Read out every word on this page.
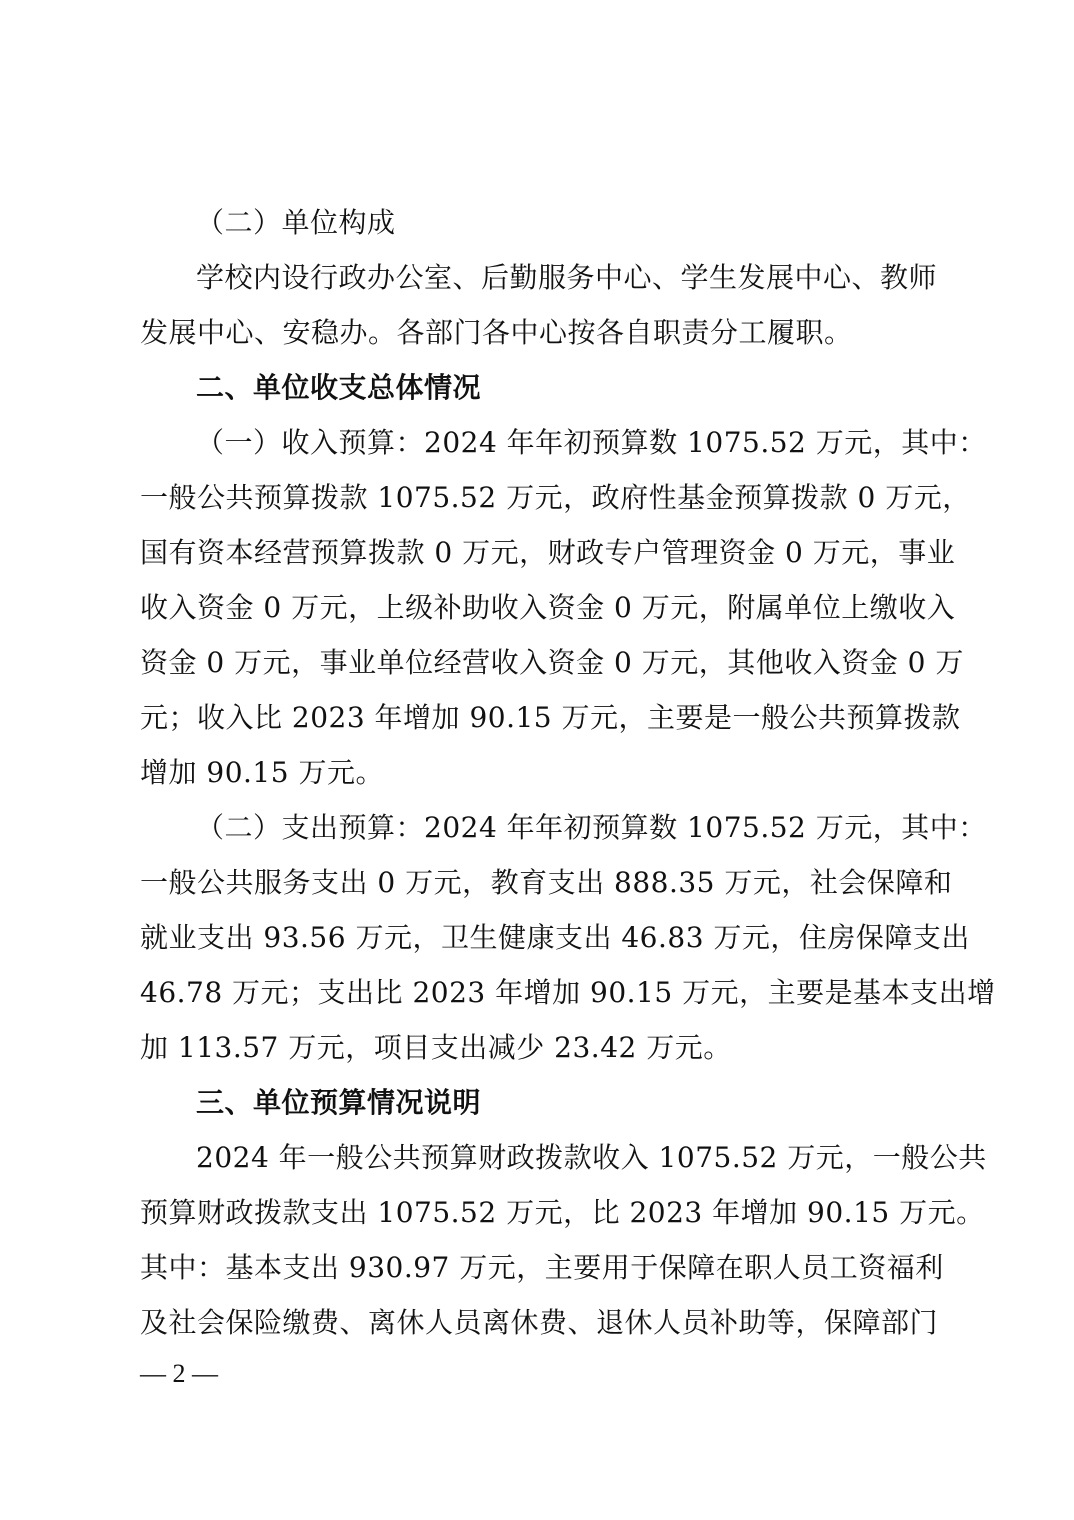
（二）单位构成
学校内设行政办公室、后勤服务中心、学生发展中心、教师
发展中心、安稳办。各部门各中心按各自职责分工履职。
二、单位收支总体情况
（一）收入预算：2024 年年初预算数 1075.52 万元，其中：
一般公共预算拨款 1075.52 万元，政府性基金预算拨款 0 万元，
国有资本经营预算拨款 0 万元，财政专户管理资金 0 万元，事业
收入资金 0 万元，上级补助收入资金 0 万元，附属单位上缴收入
资金 0 万元，事业单位经营收入资金 0 万元，其他收入资金 0 万
元；收入比 2023 年增加 90.15 万元，主要是一般公共预算拨款
增加 90.15 万元。
（二）支出预算：2024 年年初预算数 1075.52 万元，其中：
一般公共服务支出 0 万元，教育支出 888.35 万元，社会保障和
就业支出 93.56 万元，卫生健康支出 46.83 万元，住房保障支出
46.78 万元；支出比 2023 年增加 90.15 万元，主要是基本支出增
加 113.57 万元，项目支出减少 23.42 万元。
三、单位预算情况说明
2024 年一般公共预算财政拨款收入 1075.52 万元，一般公共
预算财政拨款支出 1075.52 万元，比 2023 年增加 90.15 万元。
其中：基本支出 930.97 万元，主要用于保障在职人员工资福利
及社会保险缴费、离休人员离休费、退休人员补助等，保障部门
— 2 —
